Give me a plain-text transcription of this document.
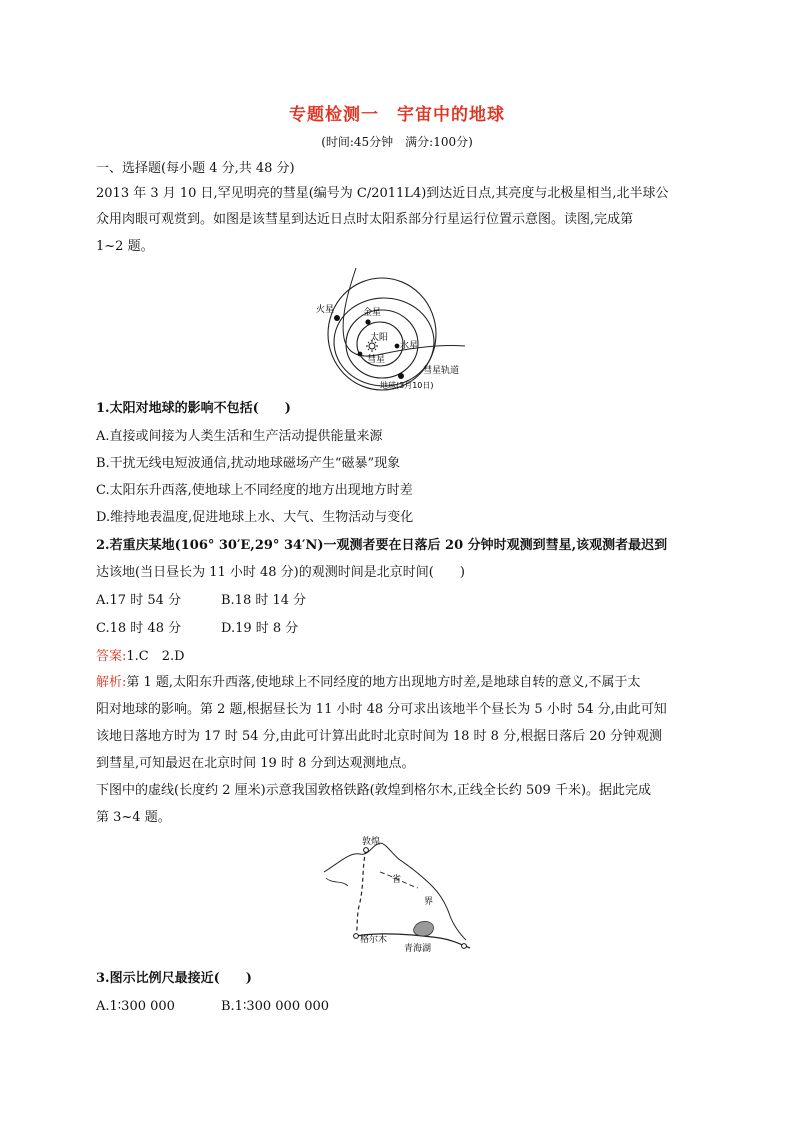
专题检测一　宇宙中的地球
(时间:45分钟　满分:100分)
一、选择题(每小题 4 分,共 48 分)
2013 年 3 月 10 日,罕见明亮的彗星(编号为 C/2011L4)到达近日点,其亮度与北极星相当,北半球公
众用肉眼可观赏到。如图是该彗星到达近日点时太阳系部分行星运行位置示意图。读图,完成第
1~2 题。
火星	金星
太阳
水星
彗星
彗星轨道
地球(3月10日)
1.太阳对地球的影响不包括(　　)
A.直接或间接为人类生活和生产活动提供能量来源
B.干扰无线电短波通信,扰动地球磁场产生“磁暴”现象
C.太阳东升西落,使地球上不同经度的地方出现地方时差
D.维持地表温度,促进地球上水、大气、生物活动与变化
2.若重庆某地(106° 30′E,29° 34′N)一观测者要在日落后 20 分钟时观测到彗星,该观测者最迟到
达该地(当日昼长为 11 小时 48 分)的观测时间是北京时间(　　)
A.17 时 54 分	B.18 时 14 分
C.18 时 48 分	D.19 时 8 分
答案:1.C　2.D
解析:第 1 题,太阳东升西落,使地球上不同经度的地方出现地方时差,是地球自转的意义,不属于太
阳对地球的影响。第 2 题,根据昼长为 11 小时 48 分可求出该地半个昼长为 5 小时 54 分,由此可知
该地日落地方时为 17 时 54 分,由此可计算出此时北京时间为 18 时 8 分,根据日落后 20 分钟观测
到彗星,可知最迟在北京时间 19 时 8 分到达观测地点。
下图中的虚线(长度约 2 厘米)示意我国敦格铁路(敦煌到格尔木,正线全长约 509 千米)。据此完成
第 3~4 题。
敦煌
省
界
格尔木
青海湖
3.图示比例尺最接近(　　)
A.1∶300 000	B.1∶300 000 000
